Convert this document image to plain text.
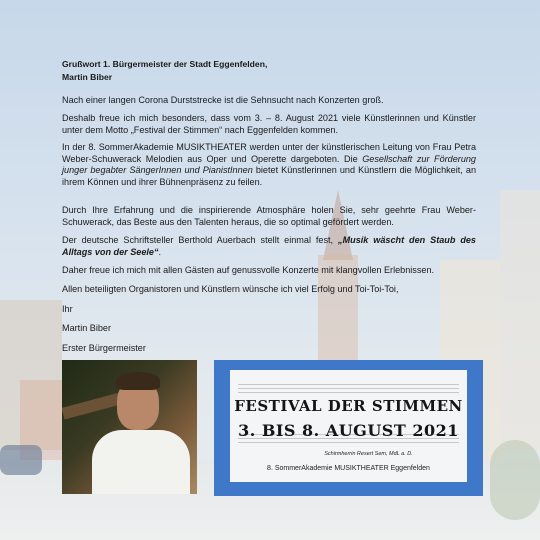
Grußwort 1. Bürgermeister der Stadt Eggenfelden,
Martin Biber

Nach einer langen Corona Durststrecke ist die Sehnsucht nach Konzerten groß.

Deshalb freue ich mich besonders, dass vom 3. – 8. August 2021 viele Künstlerinnen und Künstler unter dem Motto „Festival der Stimmen“ nach Eggenfelden kommen.

In der 8. SommerAkademie MUSIKTHEATER werden unter der künstlerischen Leitung von Frau Petra Weber-Schuwerack Melodien aus Oper und Operette dargeboten. Die Gesellschaft zur Förderung junger begabter SängerInnen und PianistInnen bietet Künstlerinnen und Künstlern die Möglichkeit, an ihrem Können und ihrer Bühnenpräsenz zu feilen.

Durch Ihre Erfahrung und die inspirierende Atmosphäre holen Sie, sehr geehrte Frau Weber-Schuwerack, das Beste aus den Talenten heraus, die so optimal gefördert werden.

Der deutsche Schriftsteller Berthold Auerbach stellt einmal fest, „Musik wäscht den Staub des Alltags von der Seele“.

Daher freue ich mich mit allen Gästen auf genussvolle Konzerte mit klangvollen Erlebnissen.

Allen beteiligten Organistoren und Künstlern wünsche ich viel Erfolg und Toi-Toi-Toi,

Ihr

Martin Biber

Erster Bürgermeister

FESTIVAL DER STIMMEN
3. BIS 8. AUGUST 2021
Schirmherrin Resert Sem, MdL a. D.
8. SommerAkademie MUSIKTHEATER Eggenfelden
